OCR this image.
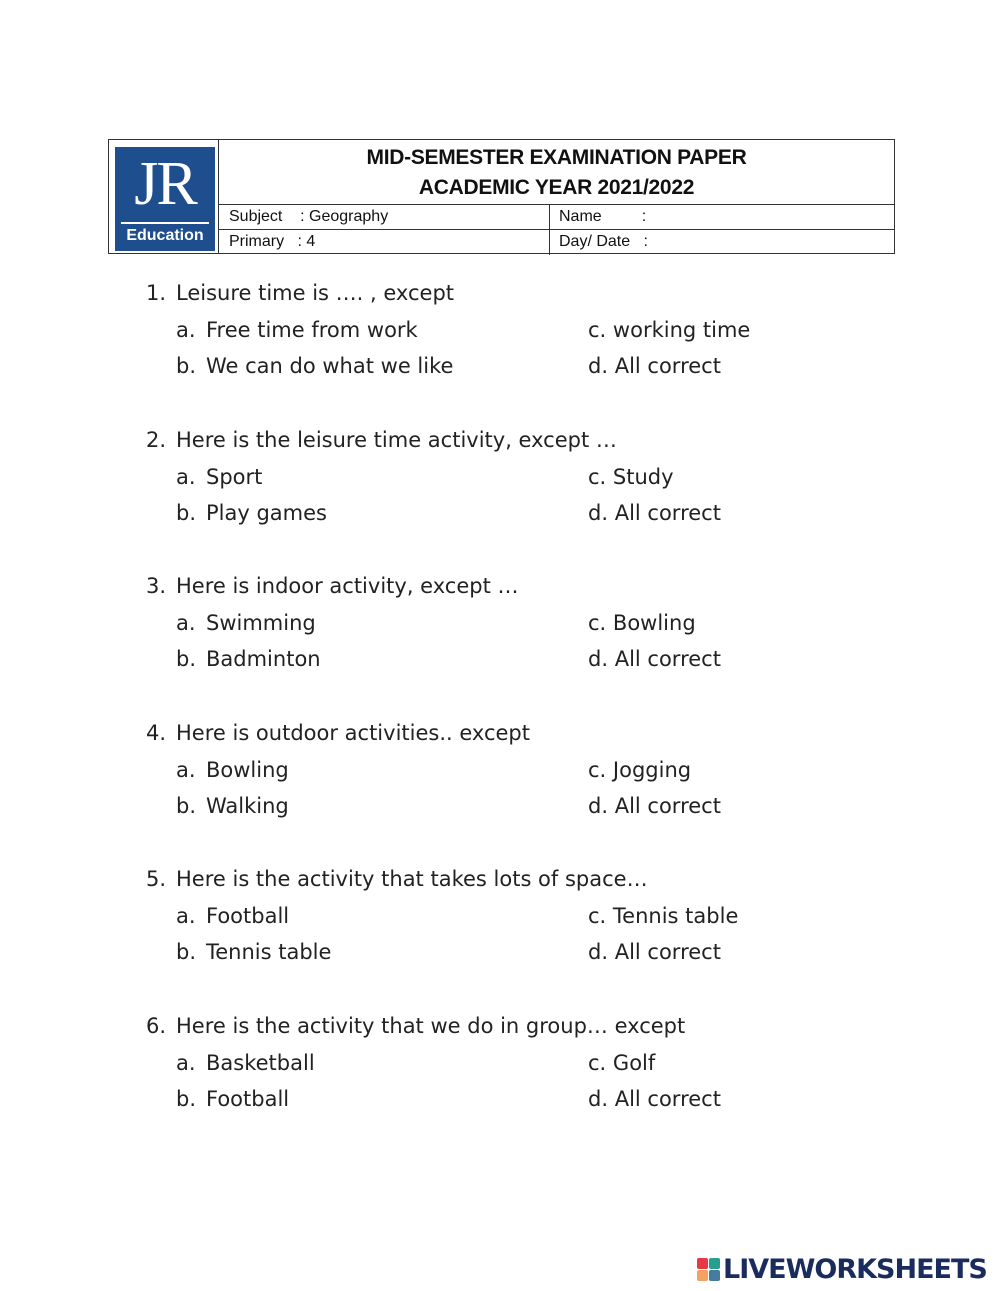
JR
Education
MID-SEMESTER EXAMINATION PAPER
ACADEMIC YEAR 2021/2022
Subject    : Geography	Name         :
Primary   : 4	Day/ Date   :
1. Leisure time is …. , except
a. Free time from work
b. We can do what we like
c. working time
d. All correct
2. Here is the leisure time activity, except …
a. Sport
b. Play games
c. Study
d. All correct
3. Here is indoor activity, except …
a. Swimming
b. Badminton
c. Bowling
d. All correct
4. Here is outdoor activities.. except
a. Bowling
b. Walking
c. Jogging
d. All correct
5. Here is the activity that takes lots of space…
a. Football
b. Tennis table
c. Tennis table
d. All correct
6. Here is the activity that we do in group… except
a. Basketball
b. Football
c. Golf
d. All correct
LIVEWORKSHEETS
